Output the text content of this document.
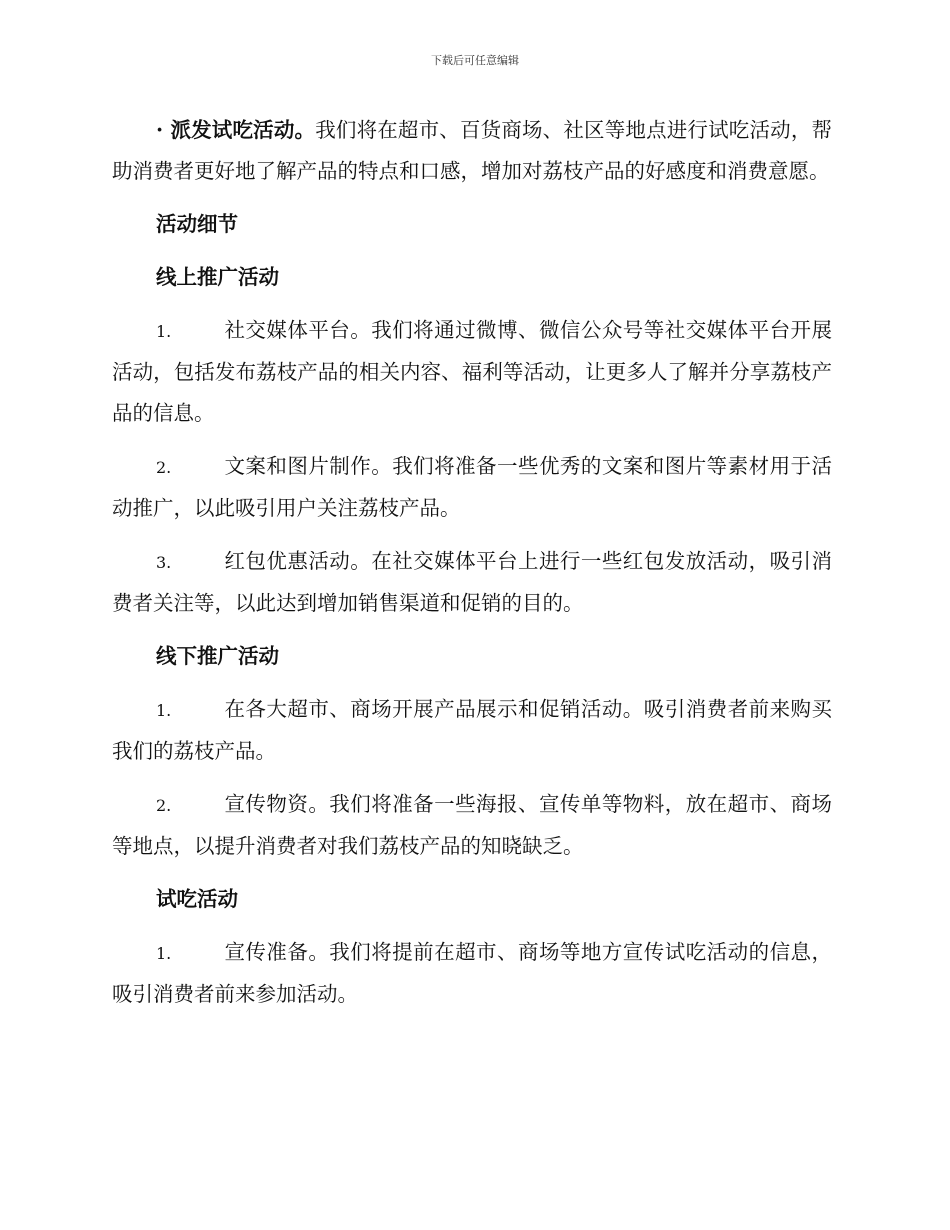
下载后可任意编辑

· 派发试吃活动。我们将在超市、百货商场、社区等地点进行试吃活动，帮助消费者更好地了解产品的特点和口感，增加对荔枝产品的好感度和消费意愿。

活动细节
线上推广活动

1.	社交媒体平台。我们将通过微博、微信公众号等社交媒体平台开展活动，包括发布荔枝产品的相关内容、福利等活动，让更多人了解并分享荔枝产品的信息。

2.	文案和图片制作。我们将准备一些优秀的文案和图片等素材用于活动推广，以此吸引用户关注荔枝产品。

3.	红包优惠活动。在社交媒体平台上进行一些红包发放活动，吸引消费者关注等，以此达到增加销售渠道和促销的目的。

线下推广活动

1.	在各大超市、商场开展产品展示和促销活动。吸引消费者前来购买我们的荔枝产品。

2.	宣传物资。我们将准备一些海报、宣传单等物料，放在超市、商场等地点，以提升消费者对我们荔枝产品的知晓缺乏。

试吃活动

1.	宣传准备。我们将提前在超市、商场等地方宣传试吃活动的信息，吸引消费者前来参加活动。
